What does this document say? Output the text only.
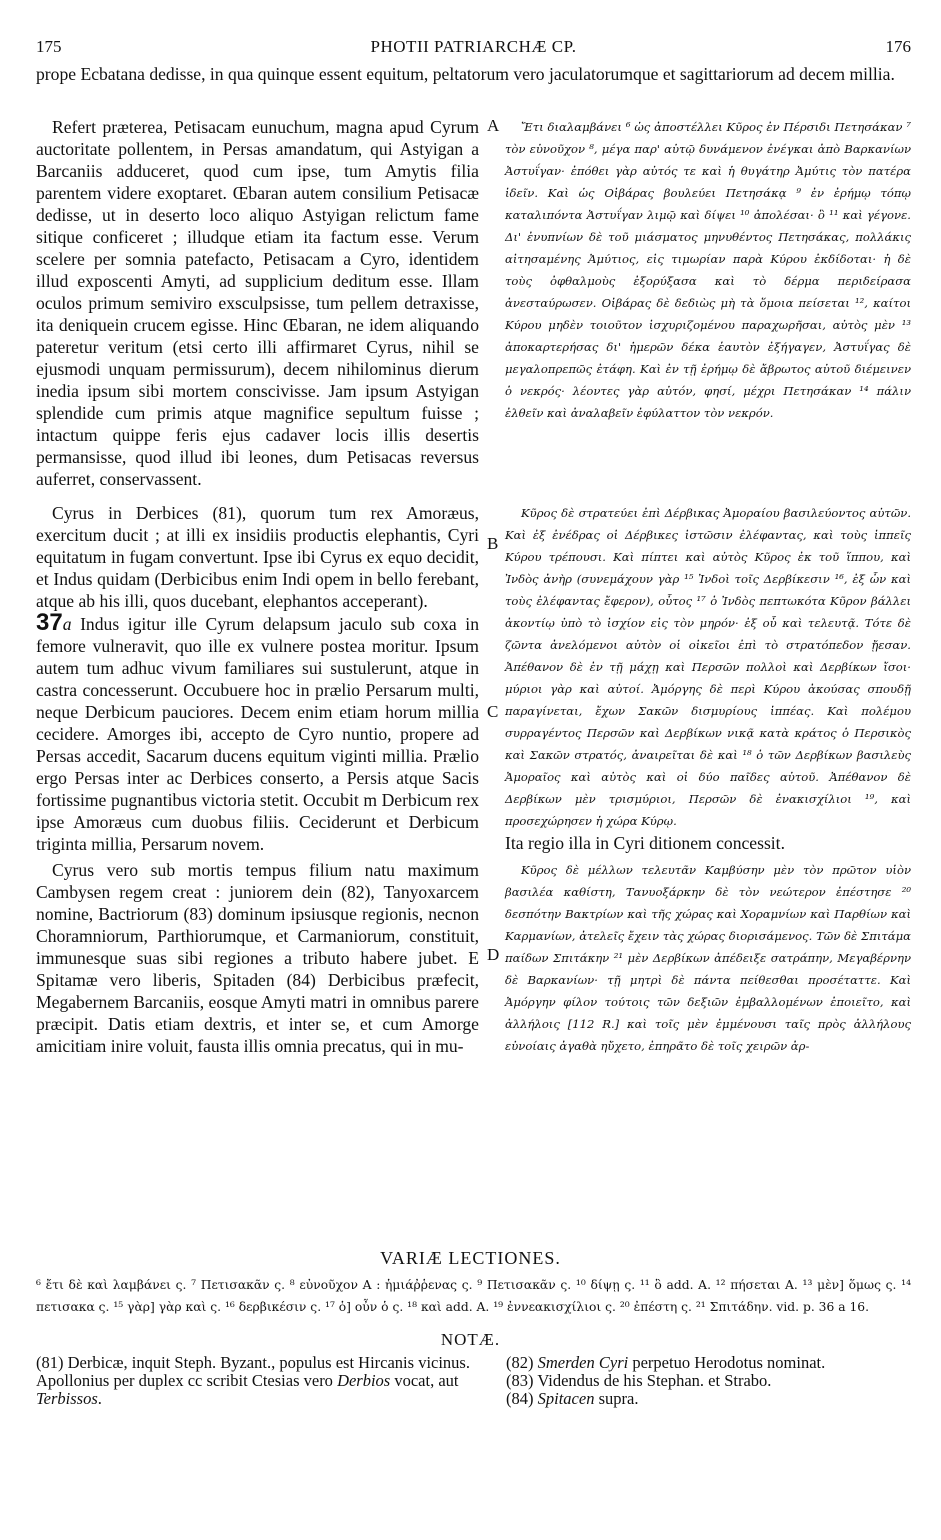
175	PHOTII PATRIARCHÆ CP.	176
prope Ecbatana dedisse, in qua quinque essent equitum, peltatorum vero jaculatorumque et sagittariorum ad decem millia.

Refert præterea, Petisacam eunuchum, magna apud Cyrum auctoritate pollentem, in Persas amandatum, qui Astyigan a Barcaniis adduceret, quod cum ipse, tum Amytis filia parentem videre exoptaret. Œbaran autem consilium Petisacæ dedisse, ut in deserto loco aliquo Astyigan relictum fame sitique conficeret ; illudque etiam ita factum esse. Verum scelere per somnia patefacto, Petisacam a Cyro, identidem illud exposcenti Amyti, ad supplicium deditum esse. Illam oculos primum semiviro exsculpsisse, tum pellem detraxisse, ita deniquein crucem egisse. Hinc Œbaran, ne idem aliquando pateretur veritum (etsi certo illi affirmaret Cyrus, nihil se ejusmodi unquam permissurum), decem nihilominus dierum inedia ipsum sibi mortem conscivisse. Jam ipsum Astyigan splendide cum primis atque magnifice sepultum fuisse ; intactum quippe feris ejus cadaver locis illis desertis permansisse, quod illud ibi leones, dum Petisacas reversus auferret, conservassent.

A
B

Ἔτι διαλαμβάνει ⁶ ὡς ἀποστέλλει Κῦρος ἐν Πέρσιδι Πετησάκαν ⁷ τὸν εὐνοῦχον ⁸, μέγα παρ' αὐτῷ δυνάμενον ἐνέγκαι ἀπὸ Βαρκανίων Ἀστυΐγαν· ἐπόθει γὰρ αὐτός τε καὶ ἡ θυγάτηρ Ἀμύτις τὸν πατέρα ἰδεῖν. Καὶ ὡς Οἰβάρας βουλεύει Πετησάκᾳ ⁹ ἐν ἐρήμῳ τόπῳ καταλιπόντα Ἀστυΐγαν λιμῷ καὶ δίψει ¹⁰ ἀπολέσαι· ὃ ¹¹ καὶ γέγονε. Δι' ἐνυπνίων δὲ τοῦ μιάσματος μηνυθέντος Πετησάκας, πολλάκις αἰτησαμένης Ἀμύτιος, εἰς τιμωρίαν παρὰ Κύρου ἐκδίδοται· ἡ δὲ τοὺς ὀφθαλμοὺς ἐξορύξασα καὶ τὸ δέρμα περιδείρασα ἀνεσταύρωσεν. Οἰβάρας δὲ δεδιὼς μὴ τὰ ὅμοια πείσεται ¹², καίτοι Κύρου μηδὲν τοιοῦτον ἰσχυριζομένου παραχωρῆσαι, αὐτὸς μὲν ¹³ ἀποκαρτερήσας δι' ἡμερῶν δέκα ἑαυτὸν ἐξήγαγεν, Ἀστυΐγας δὲ μεγαλοπρεπῶς ἐτάφη. Καὶ ἐν τῇ ἐρήμῳ δὲ ἄβρωτος αὐτοῦ διέμεινεν ὁ νεκρός· λέοντες γὰρ αὐτόν, φησί, μέχρι Πετησάκαν ¹⁴ πάλιν ἐλθεῖν καὶ ἀναλαβεῖν ἐφύλαττον τὸν νεκρόν.

Cyrus in Derbices (81), quorum tum rex Amoræus, exercitum ducit ; at illi ex insidiis productis elephantis, Cyri equitatum in fugam convertunt. Ipse ibi Cyrus ex equo decidit, et Indus quidam (Derbicibus enim Indi opem in bello ferebant, atque ab his illi, quos ducebant, elephantos acceperant).
37a Indus igitur ille Cyrum delapsum jaculo sub coxa in femore vulneravit, quo ille ex vulnere postea moritur. Ipsum autem tum adhuc vivum familiares sui sustulerunt, atque in castra concesserunt. Occubuere hoc in prælio Persarum multi, neque Derbicum pauciores. Decem enim etiam horum millia cecidere. Amorges ibi, accepto de Cyro nuntio, propere ad Persas accedit, Sacarum ducens equitum viginti millia. Prælio ergo Persas inter ac Derbices conserto, a Persis atque Sacis fortissime pugnantibus victoria stetit. Occubit m Derbicum rex ipse Amoræus cum duobus filiis. Ceciderunt et Derbicum triginta millia, Persarum novem.

C

Κῦρος δὲ στρατεύει ἐπὶ Δέρβικας Ἀμοραίου βασιλεύοντος αὐτῶν. Καὶ ἐξ ἐνέδρας οἱ Δέρβικες ἰστῶσιν ἐλέφαντας, καὶ τοὺς ἱππεῖς Κύρου τρέπουσι. Καὶ πίπτει καὶ αὐτὸς Κῦρος ἐκ τοῦ ἵππου, καὶ Ἰνδὸς ἀνὴρ (συνεμάχουν γὰρ ¹⁵ Ἰνδοὶ τοῖς Δερβίκεσιν ¹⁶, ἐξ ὧν καὶ τοὺς ἐλέφαντας ἔφερον), οὗτος ¹⁷ ὁ Ἰνδὸς πεπτωκότα Κῦρον βάλλει ἀκοντίῳ ὑπὸ τὸ ἰσχίον εἰς τὸν μηρόν· ἐξ οὗ καὶ τελευτᾷ. Τότε δὲ ζῶντα ἀνελόμενοι αὐτὸν οἱ οἰκεῖοι ἐπὶ τὸ στρατόπεδον ᾔεσαν. Ἀπέθανον δὲ ἐν τῇ μάχῃ καὶ Περσῶν πολλοὶ καὶ Δερβίκων ἴσοι· μύριοι γὰρ καὶ αὐτοί. Ἀμόργης δὲ περὶ Κύρου ἀκούσας σπουδῇ παραγίνεται, ἔχων Σακῶν δισμυρίους ἱππέας. Καὶ πολέμου συρραγέντος Περσῶν καὶ Δερβίκων νικᾷ κατὰ κράτος ὁ Περσικὸς καὶ Σακῶν στρατός, ἀναιρεῖται δὲ καὶ ¹⁸ ὁ τῶν Δερβίκων βασιλεὺς Ἀμοραῖος καὶ αὐτὸς καὶ οἱ δύο παῖδες αὐτοῦ. Ἀπέθανον δὲ Δερβίκων μὲν τρισμύριοι, Περσῶν δὲ ἐνακισχίλιοι ¹⁹, καὶ προσεχώρησεν ἡ χώρα Κύρῳ.

Ita regio illa in Cyri ditionem concessit.

Cyrus vero sub mortis tempus filium natu maximum Cambysen regem creat : juniorem dein (82), Tanyoxarcem nomine, Bactriorum (83) dominum ipsiusque regionis, necnon Choramniorum, Parthiorumque, et Carmaniorum, constituit, immunesque suas sibi regiones a tributo habere jubet. E Spitamæ vero liberis, Spitaden (84) Derbicibus præfecit, Megabernem Barcaniis, eosque Amyti matri in omnibus parere præcipit. Datis etiam dextris, et inter se, et cum Amorge amicitiam inire voluit, fausta illis omnia precatus, qui in mu-

D

Κῦρος δὲ μέλλων τελευτᾶν Καμβύσην μὲν τὸν πρῶτον υἱὸν βασιλέα καθίστη, Τανυοξάρκην δὲ τὸν νεώτερον ἐπέστησε ²⁰ δεσπότην Βακτρίων καὶ τῆς χώρας καὶ Χοραμνίων καὶ Παρθίων καὶ Καρμανίων, ἀτελεῖς ἔχειν τὰς χώρας διορισάμενος. Τῶν δὲ Σπιτάμα παίδων Σπιτάκην ²¹ μὲν Δερβίκων ἀπέδειξε σατράπην, Μεγαβέρνην δὲ Βαρκανίων· τῇ μητρὶ δὲ πάντα πείθεσθαι προσέταττε. Καὶ Ἀμόργην φίλον τούτοις τῶν δεξιῶν ἐμβαλλομένων ἐποιεῖτο, καὶ ἀλλήλοις [112 R.] καὶ τοῖς μὲν ἐμμένουσι ταῖς πρὸς ἀλλήλους εὐνοίαις ἀγαθὰ ηὔχετο, ἐπηρᾶτο δὲ τοῖς χειρῶν ἀρ-

VARIÆ LECTIONES.
⁶ ἔτι δὲ καὶ λαμβάνει ς. ⁷ Πετισακᾶν ς. ⁸ εὐνοῦχον A : ἡμιάῤῥενας ς. ⁹ Πετισακᾶν ς. ¹⁰ δίψῃ ς. ¹¹ ὃ add. A. ¹² πήσεται A. ¹³ μὲν] ὅμως ς. ¹⁴ πετισακα ς. ¹⁵ γὰρ] γὰρ καὶ ς. ¹⁶ δερβικέσιν ς. ¹⁷ ὁ] οὖν ὁ ς. ¹⁸ καὶ add. A. ¹⁹ ἐννεακισχίλιοι ς. ²⁰ ἐπέστη ς. ²¹ Σπιτάδην. vid. p. 36 a 16.
NOTÆ.

(81) Derbicæ, inquit Steph. Byzant., populus est Hircanis vicinus. Apollonius per duplex cc scribit Ctesias vero Derbios vocat, aut Terbissos.

(82) Smerden Cyri perpetuo Herodotus nominat.

(83) Videndus de his Stephan. et Strabo.

(84) Spitacen supra.
